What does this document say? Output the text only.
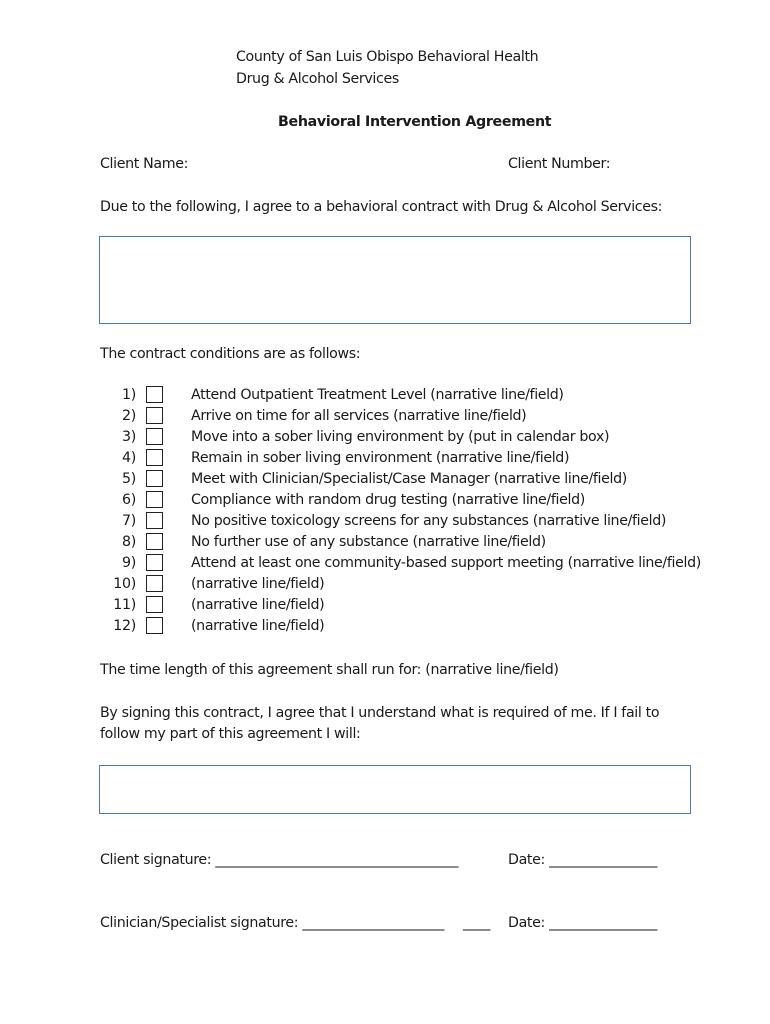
County of San Luis Obispo Behavioral Health
Drug & Alcohol Services
Behavioral Intervention Agreement
Client Name:	Client Number:
Due to the following, I agree to a behavioral contract with Drug & Alcohol Services:
The contract conditions are as follows:
1)	Attend Outpatient Treatment Level (narrative line/field)
2)	Arrive on time for all services (narrative line/field)
3)	Move into a sober living environment by (put in calendar box)
4)	Remain in sober living environment (narrative line/field)
5)	Meet with Clinician/Specialist/Case Manager (narrative line/field)
6)	Compliance with random drug testing (narrative line/field)
7)	No positive toxicology screens for any substances (narrative line/field)
8)	No further use of any substance (narrative line/field)
9)	Attend at least one community-based support meeting (narrative line/field)
10)	(narrative line/field)
11)	(narrative line/field)
12)	(narrative line/field)
The time length of this agreement shall run for: (narrative line/field)
By signing this contract, I agree that I understand what is required of me. If I fail to
follow my part of this agreement I will:
Client signature: ____________________________________	Date: ________________
Clinician/Specialist signature: _____________________ ____ Date: ________________
